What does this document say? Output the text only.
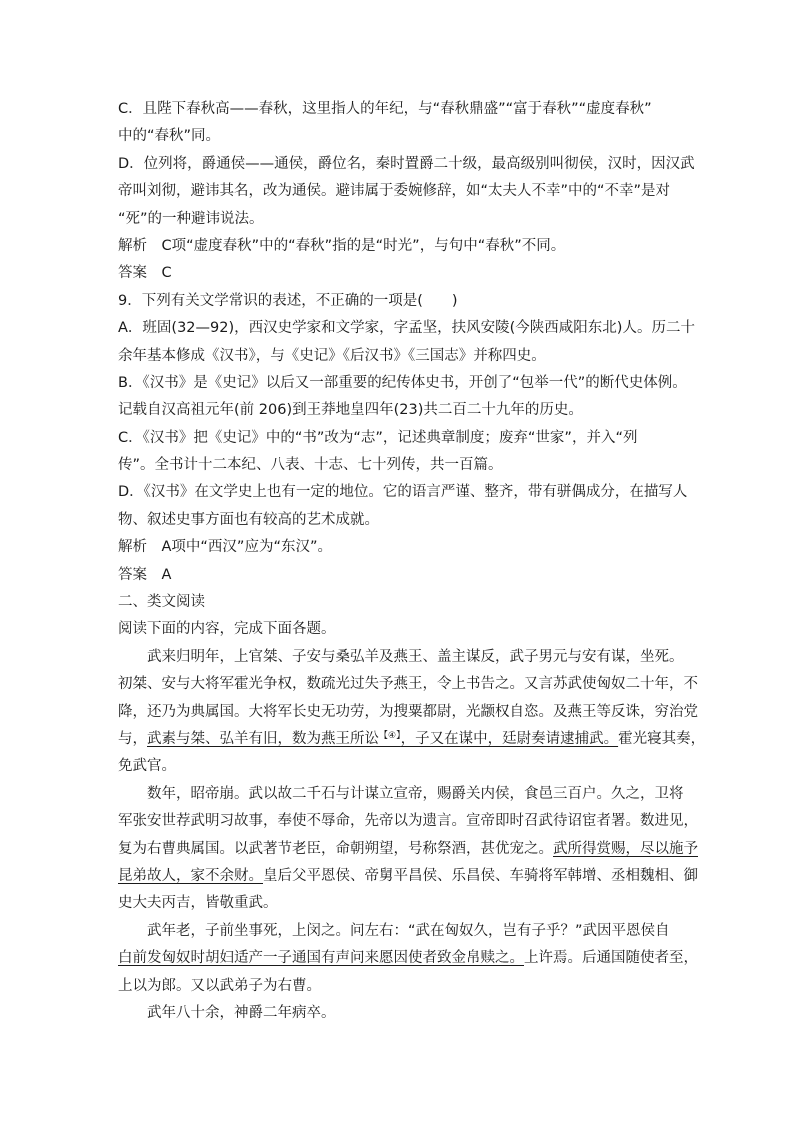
C．且陛下春秋高——春秋，这里指人的年纪，与“春秋鼎盛”“富于春秋”“虚度春秋”
中的“春秋”同。
D．位列将，爵通侯——通侯，爵位名，秦时置爵二十级，最高级别叫彻侯，汉时，因汉武
帝叫刘彻，避讳其名，改为通侯。避讳属于委婉修辞，如“太夫人不幸”中的“不幸”是对
“死”的一种避讳说法。
解析　C项“虚度春秋”中的“春秋”指的是“时光”，与句中“春秋”不同。
答案　C
9．下列有关文学常识的表述，不正确的一项是(　　)
A．班固(32—92)，西汉史学家和文学家，字孟坚，扶风安陵(今陕西咸阳东北)人。历二十
余年基本修成《汉书》，与《史记》《后汉书》《三国志》并称四史。
B．《汉书》是《史记》以后又一部重要的纪传体史书，开创了“包举一代”的断代史体例。
记载自汉高祖元年(前 206)到王莽地皇四年(23)共二百二十九年的历史。
C．《汉书》把《史记》中的“书”改为“志”，记述典章制度；废弃“世家”，并入“列
传”。全书计十二本纪、八表、十志、七十列传，共一百篇。
D．《汉书》在文学史上也有一定的地位。它的语言严谨、整齐，带有骈偶成分，在描写人
物、叙述史事方面也有较高的艺术成就。
解析　A项中“西汉”应为“东汉”。
答案　A
二、类文阅读
阅读下面的内容，完成下面各题。
武来归明年，上官桀、子安与桑弘羊及燕王、盖主谋反，武子男元与安有谋，坐死。
初桀、安与大将军霍光争权，数疏光过失予燕王，令上书告之。又言苏武使匈奴二十年，不
降，还乃为典属国。大将军长史无功劳，为搜粟都尉，光颛权自恣。及燕王等反诛，穷治党
与，武素与桀、弘羊有旧，数为燕王所讼【④】，子又在谋中，廷尉奏请逮捕武。霍光寝其奏，
免武官。
数年，昭帝崩。武以故二千石与计谋立宣帝，赐爵关内侯，食邑三百户。久之，卫将
军张安世荐武明习故事，奉使不辱命，先帝以为遗言。宣帝即时召武待诏宦者署。数进见，
复为右曹典属国。以武著节老臣，命朝朔望，号称祭酒，甚优宠之。武所得赏赐，尽以施予
昆弟故人，家不余财。皇后父平恩侯、帝舅平昌侯、乐昌侯、车骑将军韩增、丞相魏相、御
史大夫丙吉，皆敬重武。
武年老，子前坐事死，上闵之。问左右：“武在匈奴久，岂有子乎？”武因平恩侯自
白前发匈奴时胡妇适产一子通国有声问来愿因使者致金帛赎之。上许焉。后通国随使者至，
上以为郎。又以武弟子为右曹。
武年八十余，神爵二年病卒。
